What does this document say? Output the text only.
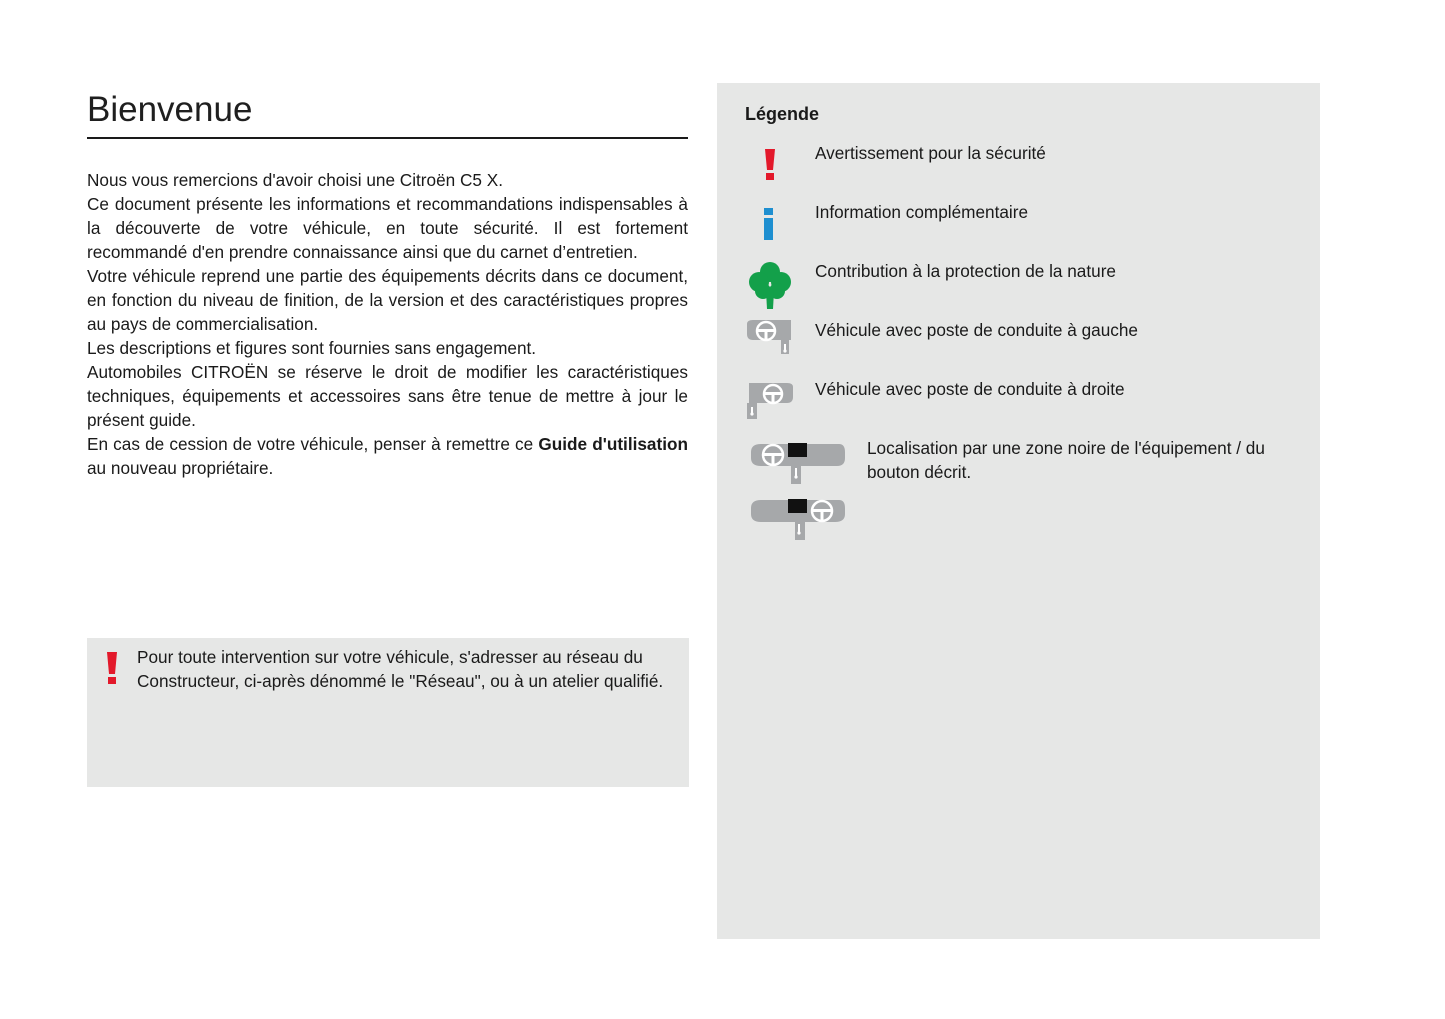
Bienvenue

Nous vous remercions d'avoir choisi une Citroën C5 X.

Ce document présente les informations et recommandations indispensables à la découverte de votre véhicule, en toute sécurité. Il est fortement recommandé d'en prendre connaissance ainsi que du carnet d’entretien.

Votre véhicule reprend une partie des équipements décrits dans ce document, en fonction du niveau de finition, de la version et des caractéristiques propres au pays de commercialisation.

Les descriptions et figures sont fournies sans engagement.

Automobiles CITROËN se réserve le droit de modifier les caractéristiques techniques, équipements et accessoires sans être tenue de mettre à jour le présent guide.

En cas de cession de votre véhicule, penser à remettre ce Guide d'utilisation au nouveau propriétaire.

Pour toute intervention sur votre véhicule, s'adresser au réseau du Constructeur, ci-après dénommé le "Réseau", ou à un atelier qualifié.
Légende
Avertissement pour la sécurité
Information complémentaire
Contribution à la protection de la nature
Véhicule avec poste de conduite à gauche
Véhicule avec poste de conduite à droite
Localisation par une zone noire de l'équipement / du bouton décrit.
